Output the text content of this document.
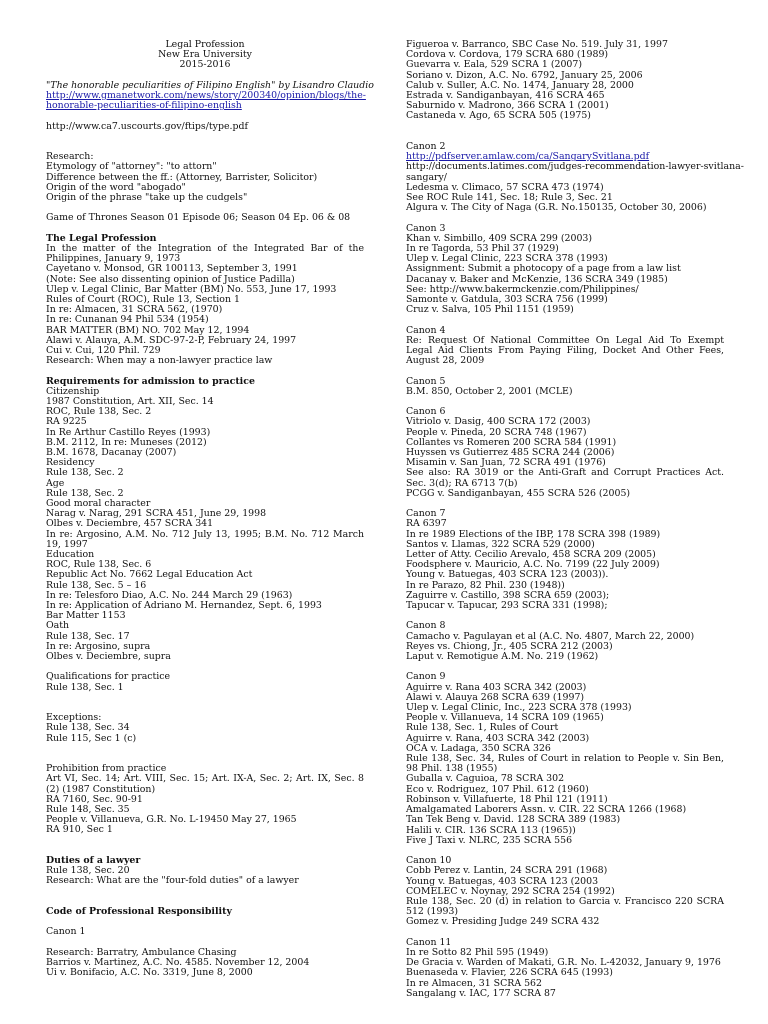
Legal Profession
New Era University
2015-2016
"The honorable peculiarities of Filipino English" by Lisandro Claudio
http://www.gmanetwork.com/news/story/200340/opinion/blogs/the-honorable-peculiarities-of-filipino-english
http://www.ca7.uscourts.gov/ftips/type.pdf
Research:
Etymology of "attorney": "to attorn"
Difference between the ff.: (Attorney, Barrister, Solicitor)
Origin of the word "abogado"
Origin of the phrase "take up the cudgels"
Game of Thrones Season 01 Episode 06; Season 04 Ep. 06 & 08
The Legal Profession
In the matter of the Integration of the Integrated Bar of the Philippines, January 9, 1973
Cayetano v. Monsod, GR 100113, September 3, 1991
(Note: See also dissenting opinion of Justice Padilla)
Ulep v. Legal Clinic, Bar Matter (BM) No. 553, June 17, 1993
Rules of Court (ROC), Rule 13, Section 1
In re: Almacen, 31 SCRA 562, (1970)
In re: Cunanan 94 Phil 534 (1954)
BAR MATTER (BM) NO. 702 May 12, 1994
Alawi v. Alauya, A.M. SDC-97-2-P, February 24, 1997
Cui v. Cui, 120 Phil. 729
Research: When may a non-lawyer practice law
Requirements for admission to practice
Citizenship
1987 Constitution, Art. XII, Sec. 14
ROC, Rule 138, Sec. 2
RA 9225
In Re Arthur Castillo Reyes (1993)
B.M. 2112, In re: Muneses (2012)
B.M. 1678, Dacanay (2007)
Residency
Rule 138, Sec. 2
Age
Rule 138, Sec. 2
Good moral character
Narag v. Narag, 291 SCRA 451, June 29, 1998
Olbes v. Deciembre, 457 SCRA 341
In re: Argosino, A.M. No. 712 July 13, 1995; B.M. No. 712 March 19, 1997
Education
ROC, Rule 138, Sec. 6
Republic Act No. 7662 Legal Education Act
Rule 138, Sec. 5 – 16
In re: Telesforo Diao, A.C. No. 244 March 29 (1963)
In re: Application of Adriano M. Hernandez, Sept. 6, 1993
Bar Matter 1153
Oath
Rule 138, Sec. 17
In re: Argosino, supra
Olbes v. Deciembre, supra
Qualifications for practice
Rule 138, Sec. 1
Exceptions:
Rule 138, Sec. 34
Rule 115, Sec 1 (c)
Prohibition from practice
Art VI, Sec. 14; Art. VIII, Sec. 15; Art. IX-A, Sec. 2; Art. IX, Sec. 8 (2) (1987 Constitution)
RA 7160, Sec. 90-91
Rule 148, Sec. 35
People v. Villanueva, G.R. No. L-19450 May 27, 1965
RA 910, Sec 1
Duties of a lawyer
Rule 138, Sec. 20
Research: What are the "four-fold duties" of a lawyer
Code of Professional Responsibility
Canon 1
Research: Barratry, Ambulance Chasing
Barrios v. Martinez, A.C. No. 4585. November 12, 2004
Ui v. Bonifacio, A.C. No. 3319, June 8, 2000
Figueroa v. Barranco, SBC Case No. 519. July 31, 1997
Cordova v. Cordova, 179 SCRA 680 (1989)
Guevarra v. Eala, 529 SCRA 1 (2007)
Soriano v. Dizon, A.C. No. 6792, January 25, 2006
Calub v. Suller, A.C. No. 1474, January 28, 2000
Estrada v. Sandiganbayan, 416 SCRA 465
Saburnido v. Madrono, 366 SCRA 1 (2001)
Castaneda v. Ago, 65 SCRA 505 (1975)
Canon 2
http://pdfserver.amlaw.com/ca/SangarySvitlana.pdf
http://documents.latimes.com/judges-recommendation-lawyer-svitlana-
sangary/
Ledesma v. Climaco, 57 SCRA 473 (1974)
See ROC Rule 141, Sec. 18; Rule 3, Sec. 21
Algura v. The City of Naga (G.R. No.150135, October 30, 2006)
Canon 3
Khan v. Simbillo, 409 SCRA 299 (2003)
In re Tagorda, 53 Phil 37 (1929)
Ulep v. Legal Clinic, 223 SCRA 378 (1993)
Assignment: Submit a photocopy of a page from a law list
Dacanay v. Baker and McKenzie, 136 SCRA 349 (1985)
See: http://www.bakermckenzie.com/Philippines/
Samonte v. Gatdula, 303 SCRA 756 (1999)
Cruz v. Salva, 105 Phil 1151 (1959)
Canon 4
Re: Request Of National Committee On Legal Aid To Exempt Legal Aid Clients From Paying Filing, Docket And Other Fees, August 28, 2009
Canon 5
B.M. 850, October 2, 2001 (MCLE)
Canon 6
Vitriolo v. Dasig, 400 SCRA 172 (2003)
People v. Pineda, 20 SCRA 748 (1967)
Collantes vs Romeren 200 SCRA 584 (1991)
Huyssen vs Gutierrez 485 SCRA 244 (2006)
Misamin v. San Juan, 72 SCRA 491 (1976)
See also: RA 3019 or the Anti-Graft and Corrupt Practices Act. Sec. 3(d); RA 6713 7(b)
PCGG v. Sandiganbayan, 455 SCRA 526 (2005)
Canon 7
RA 6397
In re 1989 Elections of the IBP, 178 SCRA 398 (1989)
Santos v. Llamas, 322 SCRA 529 (2000)
Letter of Atty. Cecilio Arevalo, 458 SCRA 209 (2005)
Foodsphere v. Mauricio, A.C. No. 7199 (22 July 2009)
Young v. Batuegas, 403 SCRA 123 (2003)).
In re Parazo, 82 Phil. 230 (1948))
Zaguirre v. Castillo, 398 SCRA 659 (2003);
Tapucar v. Tapucar, 293 SCRA 331 (1998);
Canon 8
Camacho v. Pagulayan et al (A.C. No. 4807, March 22, 2000)
Reyes vs. Chiong, Jr., 405 SCRA 212 (2003)
Laput v. Remotigue A.M. No. 219 (1962)
Canon 9
Aguirre v. Rana 403 SCRA 342 (2003)
Alawi v. Alauya 268 SCRA 639 (1997)
Ulep v. Legal Clinic, Inc., 223 SCRA 378 (1993)
People v. Villanueva, 14 SCRA 109 (1965)
Rule 138, Sec. 1, Rules of Court
Aguirre v. Rana, 403 SCRA 342 (2003)
OCA v. Ladaga, 350 SCRA 326
Rule 138, Sec. 34, Rules of Court in relation to People v. Sin Ben, 98 Phil. 138 (1955)
Guballa v. Caguioa, 78 SCRA 302
Eco v. Rodriguez, 107 Phil. 612 (1960)
Robinson v. Villafuerte, 18 Phil 121 (1911)
Amalgamated Laborers Assn. v. CIR. 22 SCRA 1266 (1968)
Tan Tek Beng v. David. 128 SCRA 389 (1983)
Halili v. CIR. 136 SCRA 113 (1965))
Five J Taxi v. NLRC, 235 SCRA 556
Canon 10
Cobb Perez v. Lantin, 24 SCRA 291 (1968)
Young v. Batuegas, 403 SCRA 123 (2003
COMELEC v. Noynay, 292 SCRA 254 (1992)
Rule 138, Sec. 20 (d) in relation to Garcia v. Francisco 220 SCRA 512 (1993)
Gomez v. Presiding Judge 249 SCRA 432
Canon 11
In re Sotto 82 Phil 595 (1949)
De Gracia v. Warden of Makati, G.R. No. L-42032, January 9, 1976
Buenaseda v. Flavier, 226 SCRA 645 (1993)
In re Almacen, 31 SCRA 562
Sangalang v. IAC, 177 SCRA 87
